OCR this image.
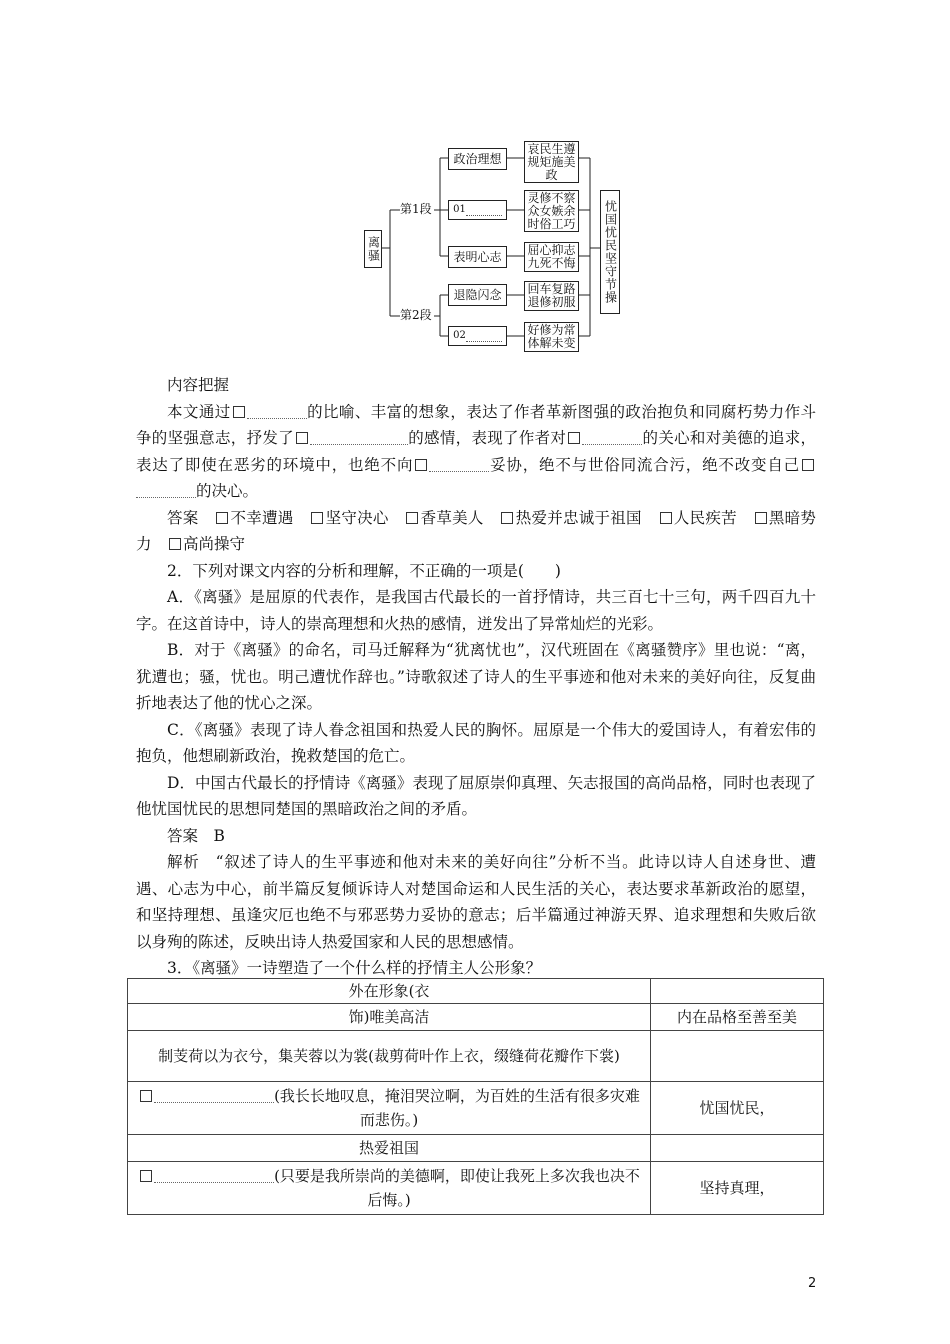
离骚
第1段
第2段
政治理想
01
表明心志
退隐闪念
02
哀民生遵规矩施美政
灵修不察众女嫉余时俗工巧
屈心抑志九死不悔
回车复路退修初服
好修为常体解未变
忧国忧民坚守节操

内容把握

本文通过	的比喻、丰富的想象，表达了作者革新图强的政治抱负和同腐朽势力作斗争的坚强意志，抒发了	的感情，表现了作者对	的关心和对美德的追求，表达了即使在恶劣的环境中，也绝不向	妥协，绝不与世俗同流合污，绝不改变自己的决心。

答案　 不幸遭遇　 坚守决心　 香草美人　 热爱并忠诚于祖国　 人民疾苦　 黑暗势力　 高尚操守

2．下列对课文内容的分析和理解，不正确的一项是(　　)

A．《离骚》是屈原的代表作，是我国古代最长的一首抒情诗，共三百七十三句，两千四百九十字。在这首诗中，诗人的崇高理想和火热的感情，迸发出了异常灿烂的光彩。

B．对于《离骚》的命名，司马迁解释为“犹离忧也”，汉代班固在《离骚赞序》里也说：“离，犹遭也；骚，忧也。明己遭忧作辞也。”诗歌叙述了诗人的生平事迹和他对未来的美好向往，反复曲折地表达了他的忧心之深。

C．《离骚》表现了诗人眷念祖国和热爱人民的胸怀。屈原是一个伟大的爱国诗人，有着宏伟的抱负，他想刷新政治，挽救楚国的危亡。

D．中国古代最长的抒情诗《离骚》表现了屈原崇仰真理、矢志报国的高尚品格，同时也表现了他忧国忧民的思想同楚国的黑暗政治之间的矛盾。

答案　B

解析　“叙述了诗人的生平事迹和他对未来的美好向往”分析不当。此诗以诗人自述身世、遭遇、心志为中心，前半篇反复倾诉诗人对楚国命运和人民生活的关心，表达要求革新政治的愿望，和坚持理想、虽逢灾厄也绝不与邪恶势力妥协的意志；后半篇通过神游天界、追求理想和失败后欲以身殉的陈述，反映出诗人热爱国家和人民的思想感情。

3．《离骚》一诗塑造了一个什么样的抒情主人公形象？

外在形象(衣	
饰)唯美高洁	内在品格至善至美
制芰荷以为衣兮，集芙蓉以为裳(裁剪荷叶作上衣，缀缝荷花瓣作下裳)	
(我长长地叹息，掩泪哭泣啊，为百姓的生活有很多灾难而悲伤。)	忧国忧民，
热爱祖国	
(只要是我所崇尚的美德啊，即使让我死上多次我也决不后悔。)	坚持真理，
2
